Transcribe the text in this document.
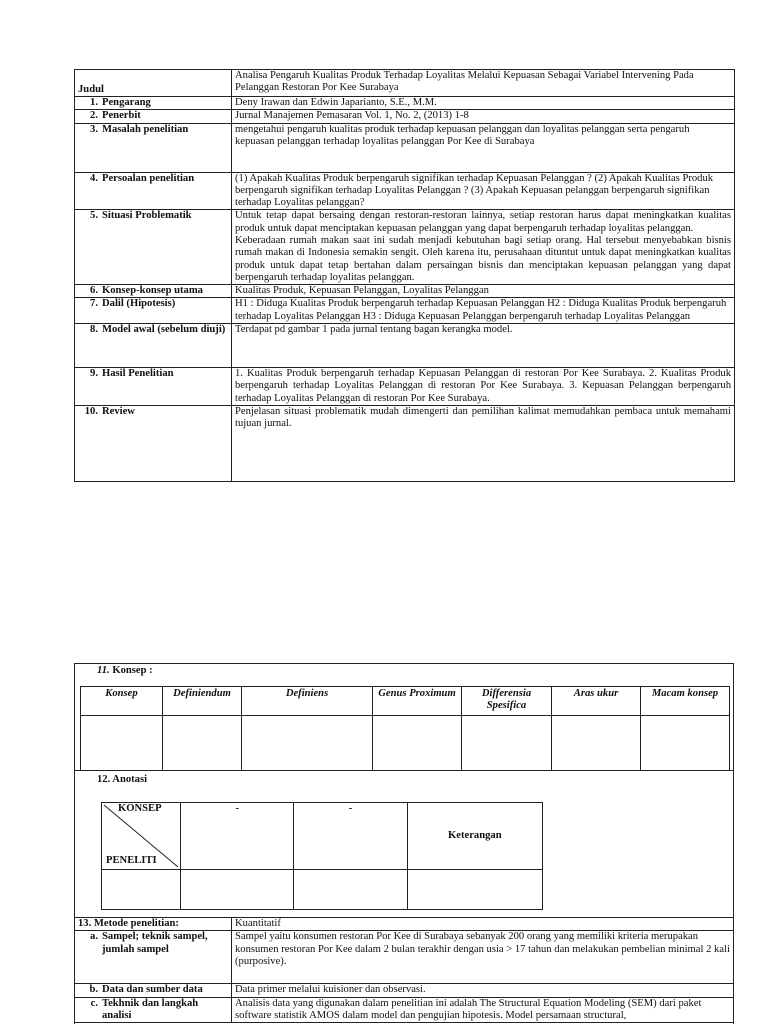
Judul	Analisa Pengaruh Kualitas Produk Terhadap Loyalitas Melalui Kepuasan Sebagai Variabel Intervening Pada Pelanggan Restoran Por Kee Surabaya
1. Pengarang	Deny Irawan dan Edwin Japarianto, S.E., M.M.
2. Penerbit	Jurnal Manajemen Pemasaran Vol. 1, No. 2, (2013) 1-8
3. Masalah penelitian	mengetahui pengaruh kualitas produk terhadap kepuasan pelanggan dan loyalitas pelanggan serta pengaruh kepuasan pelanggan terhadap loyalitas pelanggan Por Kee di Surabaya
4. Persoalan penelitian	(1) Apakah Kualitas Produk berpengaruh signifikan terhadap Kepuasan Pelanggan ? (2) Apakah Kualitas Produk berpengaruh signifikan terhadap Loyalitas Pelanggan ? (3) Apakah Kepuasan pelanggan berpengaruh signifikan terhadap Loyalitas pelanggan?
5. Situasi Problematik	Untuk tetap dapat bersaing dengan restoran-restoran lainnya, setiap restoran harus dapat meningkatkan kualitas produk untuk dapat menciptakan kepuasan pelanggan yang dapat berpengaruh terhadap loyalitas pelanggan.
Keberadaan rumah makan saat ini sudah menjadi kebutuhan bagi setiap orang. Hal tersebut menyebabkan bisnis rumah makan di Indonesia semakin sengit. Oleh karena itu, perusahaan dituntut untuk dapat meningkatkan kualitas produk untuk dapat tetap bertahan dalam persaingan bisnis dan menciptakan kepuasan pelanggan yang dapat berpengaruh terhadap loyalitas pelanggan.

6. Konsep-konsep utama	Kualitas Produk, Kepuasan Pelanggan, Loyalitas Pelanggan
7. Dalil (Hipotesis)	H1 : Diduga Kualitas Produk berpengaruh terhadap Kepuasan Pelanggan H2 : Diduga Kualitas Produk berpengaruh terhadap Loyalitas Pelanggan H3 : Diduga Kepuasan Pelanggan berpengaruh terhadap Loyalitas Pelanggan
8. Model awal (sebelum diuji)	Terdapat pd gambar 1 pada jurnal tentang bagan kerangka model.
9. Hasil Penelitian	1. Kualitas Produk berpengaruh terhadap Kepuasan Pelanggan di restoran Por Kee Surabaya. 2. Kualitas Produk berpengaruh terhadap Loyalitas Pelanggan di restoran Por Kee Surabaya. 3. Kepuasan Pelanggan berpengaruh terhadap Loyalitas Pelanggan di restoran Por Kee Surabaya.
10. Review	Penjelasan situasi problematik mudah dimengerti dan pemilihan kalimat memudahkan pembaca untuk memahami tujuan jurnal.
11. Konsep :
Konsep	Definiendum	Definiens	Genus Proximum	Differensia Spesifica	Aras ukur	Macam konsep

12. Anotasi
KONSEP
PENELITI	-	-	Keterangan

13. Metode penelitian:	Kuantitatif
a. Sampel; teknik sampel, jumlah sampel	Sampel yaitu konsumen restoran Por Kee di Surabaya sebanyak 200 orang yang memiliki kriteria merupakan konsumen restoran Por Kee dalam 2 bulan terakhir dengan usia > 17 tahun dan melakukan pembelian minimal 2 kali (purposive).
b. Data dan sumber data	Data primer melalui kuisioner dan observasi.
c. Tekhnik dan langkah analisi	Analisis data yang digunakan dalam penelitian ini adalah The Structural Equation Modeling (SEM) dari paket software statistik AMOS dalam model dan pengujian hipotesis. Model persamaan structural,
